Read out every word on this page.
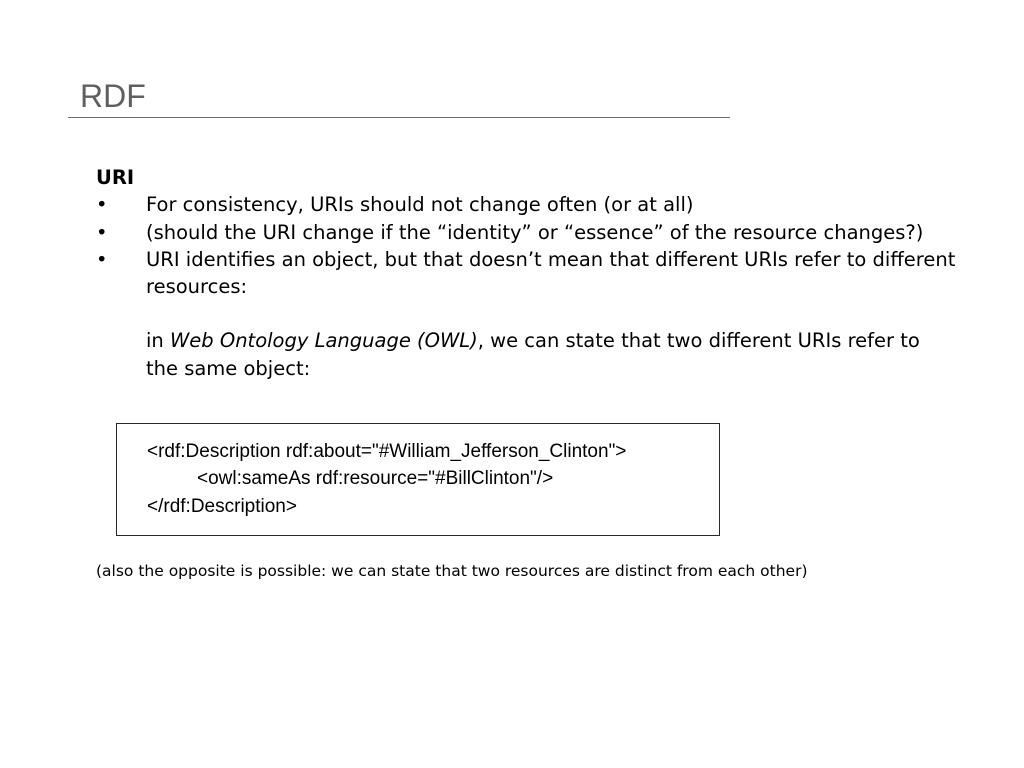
RDF
URI
•	For consistency, URIs should not change often (or at all)
•	(should the URI change if the “identity” or “essence” of the resource changes?)
•	URI identifies an object, but that doesn’t mean that different URIs refer to different resources:
in Web Ontology Language (OWL), we can state that two different URIs refer to the same object:
<rdf:Description rdf:about="#William_Jefferson_Clinton">
<owl:sameAs rdf:resource="#BillClinton"/>
</rdf:Description>
(also the opposite is possible: we can state that two resources are distinct from each other)
